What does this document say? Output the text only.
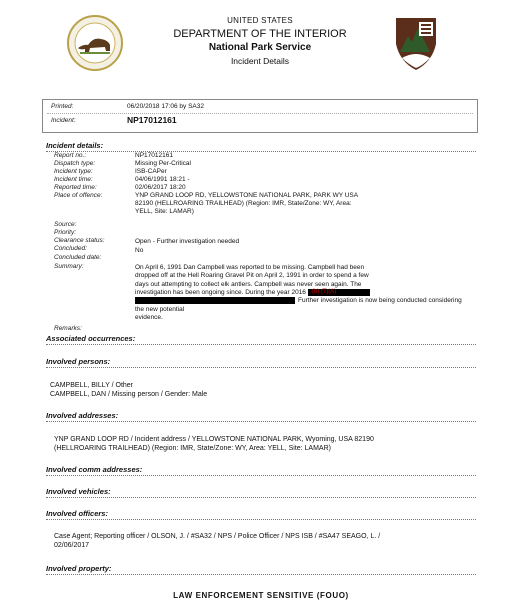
UNITED STATES
DEPARTMENT OF THE INTERIOR
National Park Service
Incident Details
Printed:	06/20/2018 17:06 by SA32
Incident:	NP17012161
Incident details:
Report no.:	NP17012161
Dispatch type:	Missing Per-Critical
Incident type:	ISB-CAPer
Incident time:	04/06/1991 18:21 -
Reported time:	02/06/2017 18:20
Place of offence:	YNP GRAND LOOP RD, YELLOWSTONE NATIONAL PARK, PARK WY USA
82190 (HELLROARING TRAILHEAD) (Region: IMR, State/Zone: WY, Area:
YELL, Site: LAMAR)
Source:
Priority:
Clearance status:	Open - Further investigation needed
Concluded:	No
Concluded date:
Summary:	On April 6, 1991 Dan Campbell was reported to be missing. Campbell had been
dropped off at the Hell Roaring Gravel Pit on April 2, 1991 in order to spend a few
days out attempting to collect elk antlers. Campbell was never seen again. The
investigation has been ongoing since. During the year 2016 (b) (7)(A)
Further investigation is now being conducted considering the new potential
evidence.
Remarks:
Associated occurrences:
Involved persons:
CAMPBELL, BILLY / Other
CAMPBELL, DAN / Missing person / Gender: Male
Involved addresses:
YNP GRAND LOOP RD / Incident address / YELLOWSTONE NATIONAL PARK, Wyoming, USA 82190
(HELLROARING TRAILHEAD) (Region: IMR, State/Zone: WY, Area: YELL, Site: LAMAR)
Involved comm addresses:
Involved vehicles:
Involved officers:
Case Agent; Reporting officer / OLSON, J. / #SA32 / NPS / Police Officer / NPS ISB / #SA47 SEAGO, L. /
02/06/2017
Involved property:
LAW ENFORCEMENT SENSITIVE (FOUO)
